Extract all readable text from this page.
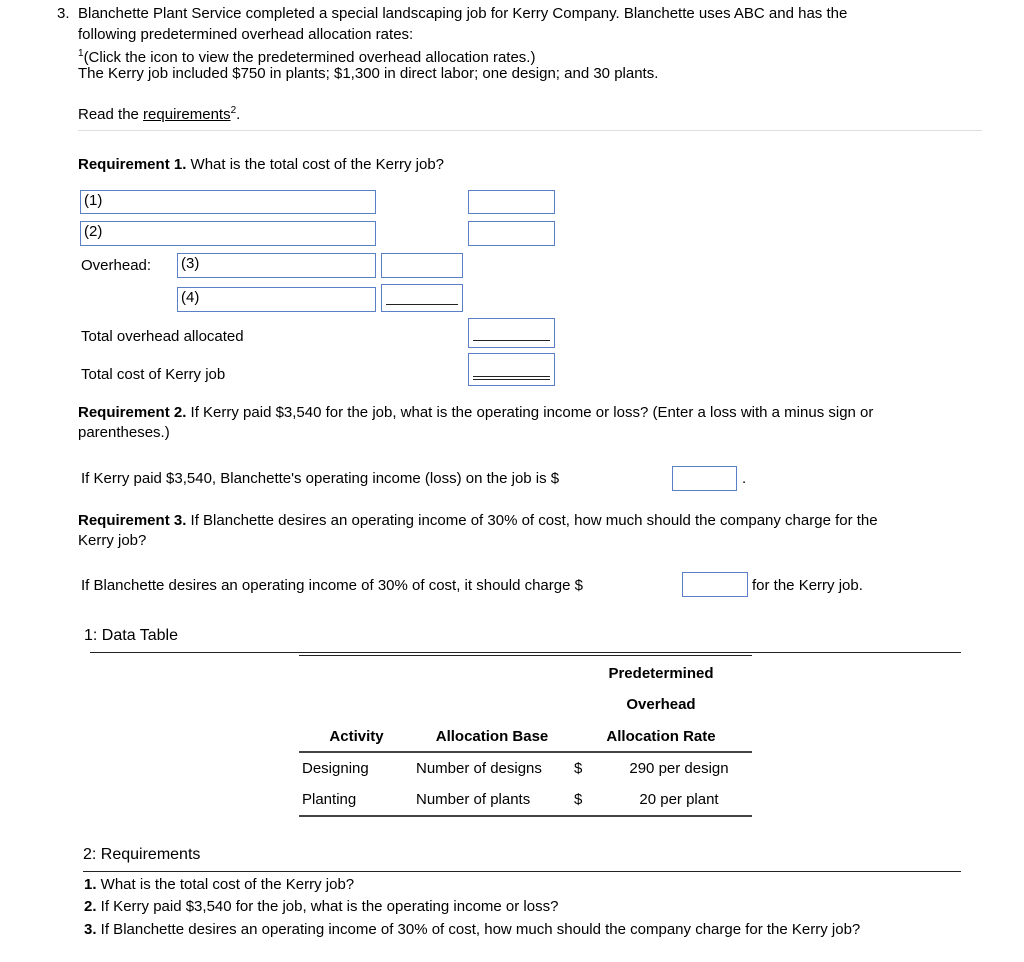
3. Blanchette Plant Service completed a special landscaping job for Kerry Company. Blanchette uses ABC and has the
following predetermined overhead allocation rates:
$^1$(Click the icon to view the predetermined overhead allocation rates.)
The Kerry job included $750 in plants; $1,300 in direct labor; one design; and 30 plants.
Read the requirements$^2$.
Requirement 1. What is the total cost of the Kerry job?
(1)
(2)
Overhead: (3)
(4)
Total overhead allocated
Total cost of Kerry job
Requirement 2. If Kerry paid $3,540 for the job, what is the operating income or loss? (Enter a loss with a minus sign or
parentheses.)
If Kerry paid $3,540, Blanchette's operating income (loss) on the job is $	.
Requirement 3. If Blanchette desires an operating income of 30% of cost, how much should the company charge for the
Kerry job?
If Blanchette desires an operating income of 30% of cost, it should charge $	for the Kerry job.
1: Data Table
Predetermined
Overhead
Activity	Allocation Base	Allocation Rate
Designing	Number of designs $	290 per design
Planting	Number of plants	$	20 per plant
2: Requirements
1. What is the total cost of the Kerry job?
2. If Kerry paid $3,540 for the job, what is the operating income or loss?
3. If Blanchette desires an operating income of 30% of cost, how much should the company charge for the Kerry job?
